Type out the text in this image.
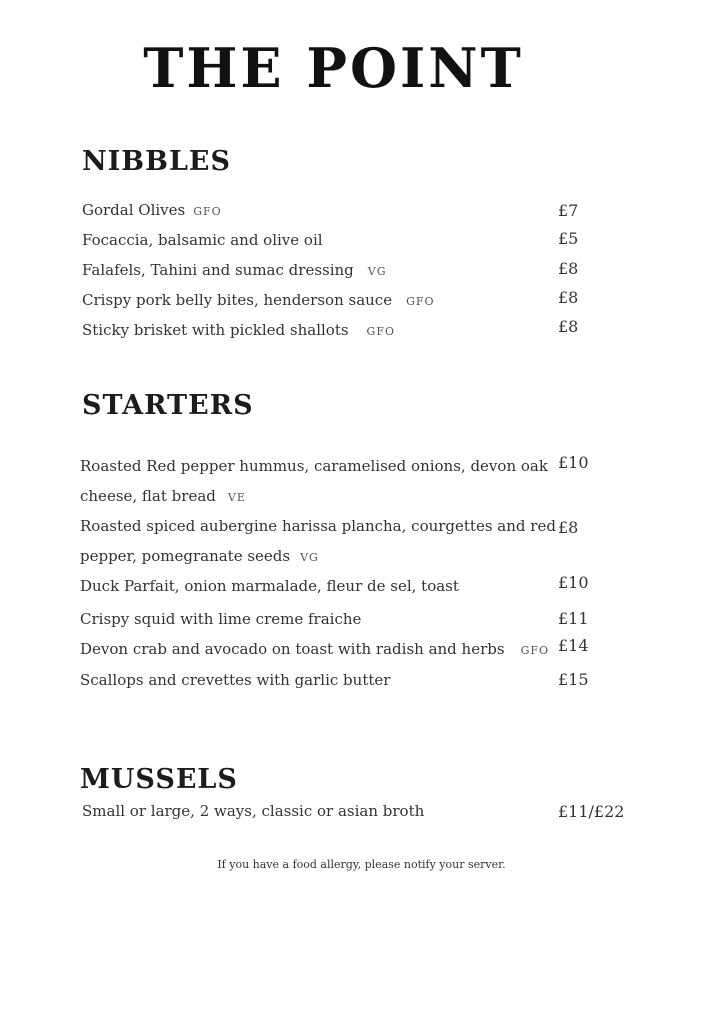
THE POINT
NIBBLES
Gordal Olives GFO	£7
Focaccia, balsamic and olive oil	£5
Falafels, Tahini and sumac dressing VG	£8
Crispy pork belly bites, henderson sauce GFO	£8
Sticky brisket with pickled shallots GFO	£8
STARTERS
Roasted Red pepper hummus, caramelised onions, devon oak
cheese, flat bread VE
£10
Roasted spiced aubergine harissa plancha, courgettes and red
pepper, pomegranate seeds VG
£8
Duck Parfait, onion marmalade, fleur de sel, toast	£10
Crispy squid with lime creme fraiche	£11
Devon crab and avocado on toast with radish and herbs GFO £14
Scallops and crevettes with garlic butter	£15
MUSSELS
Small or large, 2 ways, classic or asian broth	£11/£22
If you have a food allergy, please notify your server.
